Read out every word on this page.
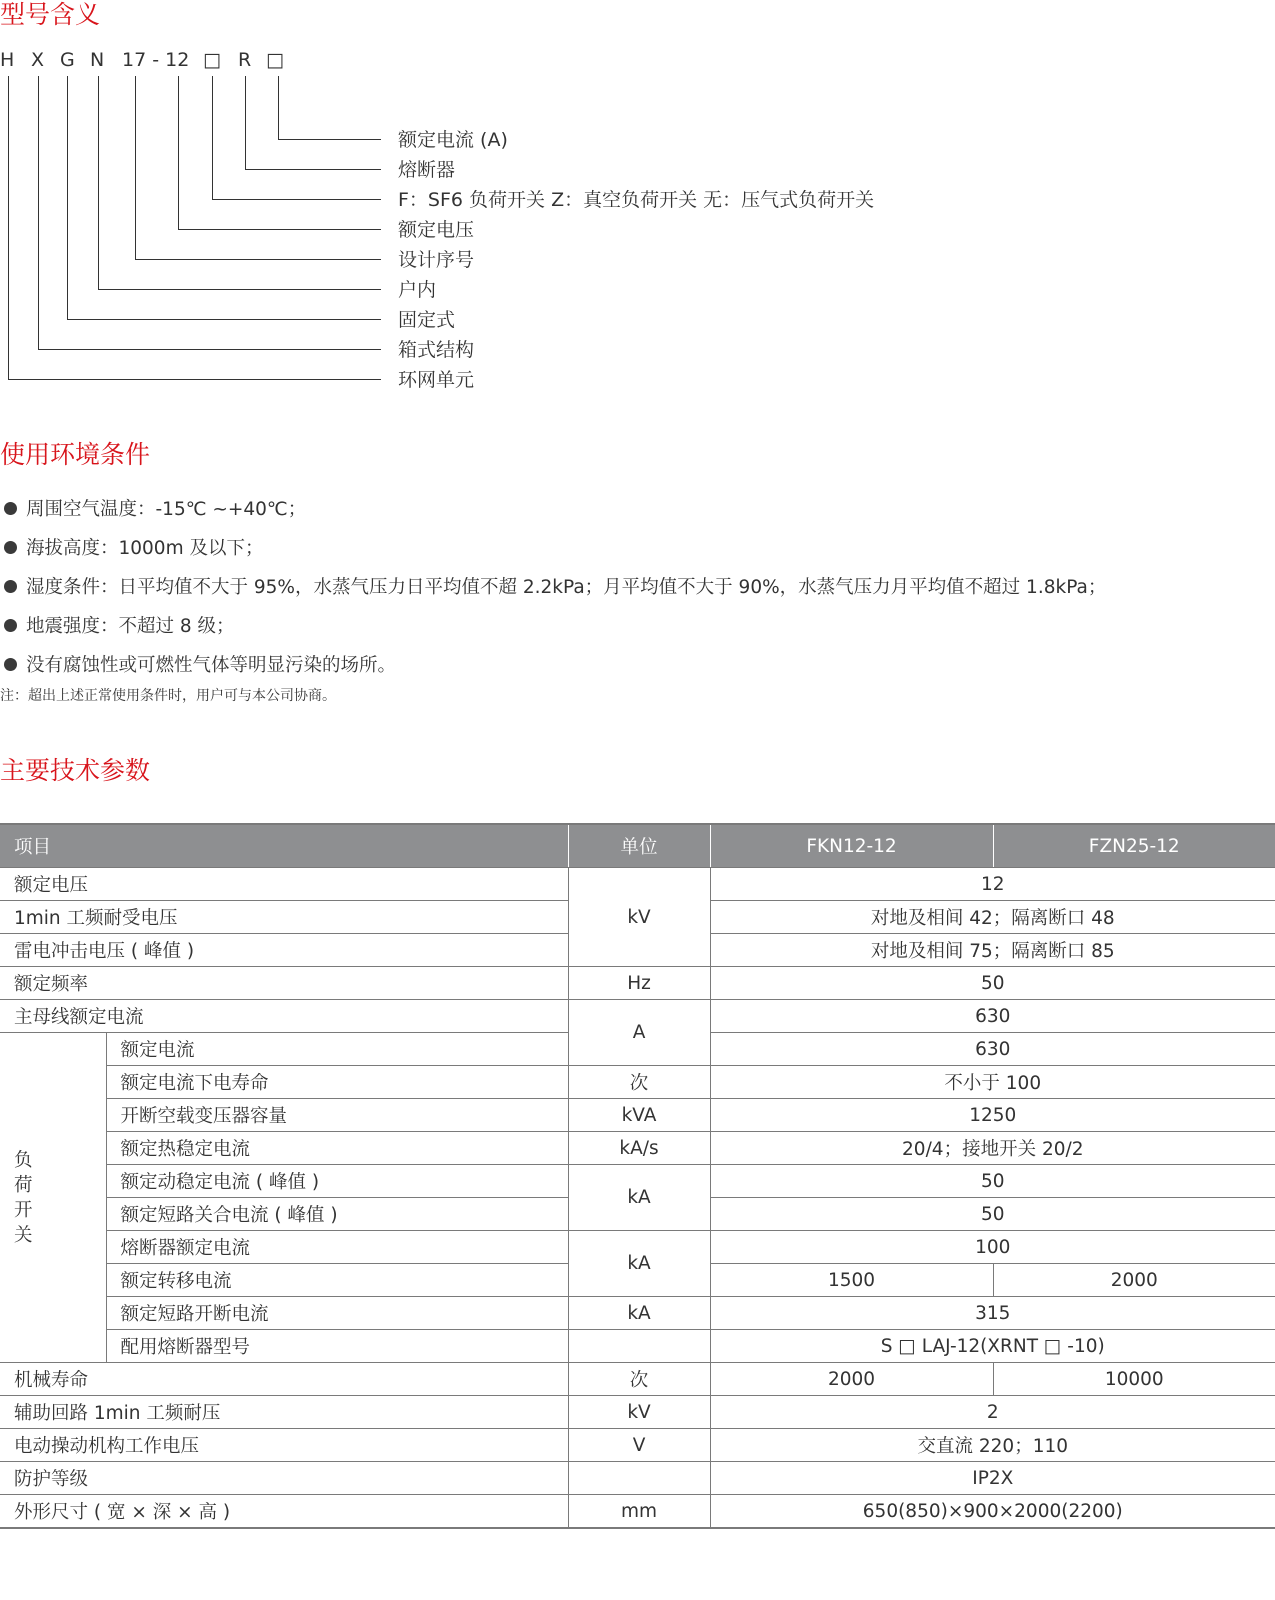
型号含义
H X G N 17 - 12 □ R □
额定电流 (A)
熔断器
F：SF6 负荷开关 Z：真空负荷开关 无：压气式负荷开关
额定电压
设计序号
户内
固定式
箱式结构
环网单元
使用环境条件
周围空气温度：-15℃ ~+40℃；
海拔高度：1000m 及以下；
湿度条件：日平均值不大于 95%，水蒸气压力日平均值不超 2.2kPa；月平均值不大于 90%，水蒸气压力月平均值不超过 1.8kPa；
地震强度：不超过 8 级；
没有腐蚀性或可燃性气体等明显污染的场所。
注：超出上述正常使用条件时，用户可与本公司协商。
主要技术参数
项目		单位	FKN12-12	FZN25-12
额定电压		kV	12	
1min 工频耐受电压			对地及相间 42；隔离断口 48	
雷电冲击电压 ( 峰值 )			对地及相间 75；隔离断口 85	
额定频率		Hz	50	
主母线额定电流		A	630	

负
荷
开
关	额定电流		630	
	额定电流下电寿命	次	不小于 100	
	开断空载变压器容量	kVA	1250	
	额定热稳定电流	kA/s	20/4；接地开关 20/2	
	额定动稳定电流 ( 峰值 )	kA	50	
	额定短路关合电流 ( 峰值 )		50	
	熔断器额定电流	kA	100	
	额定转移电流		1500	2000
	额定短路开断电流	kA	315	
	配用熔断器型号		S □ LAJ-12(XRNT □ -10)	
机械寿命		次	2000	10000
辅助回路 1min 工频耐压		kV	2	
电动操动机构工作电压		V	交直流 220；110	
防护等级			IP2X	
外形尺寸 ( 宽 × 深 × 高 )		mm	650(850)×900×2000(2200)	
